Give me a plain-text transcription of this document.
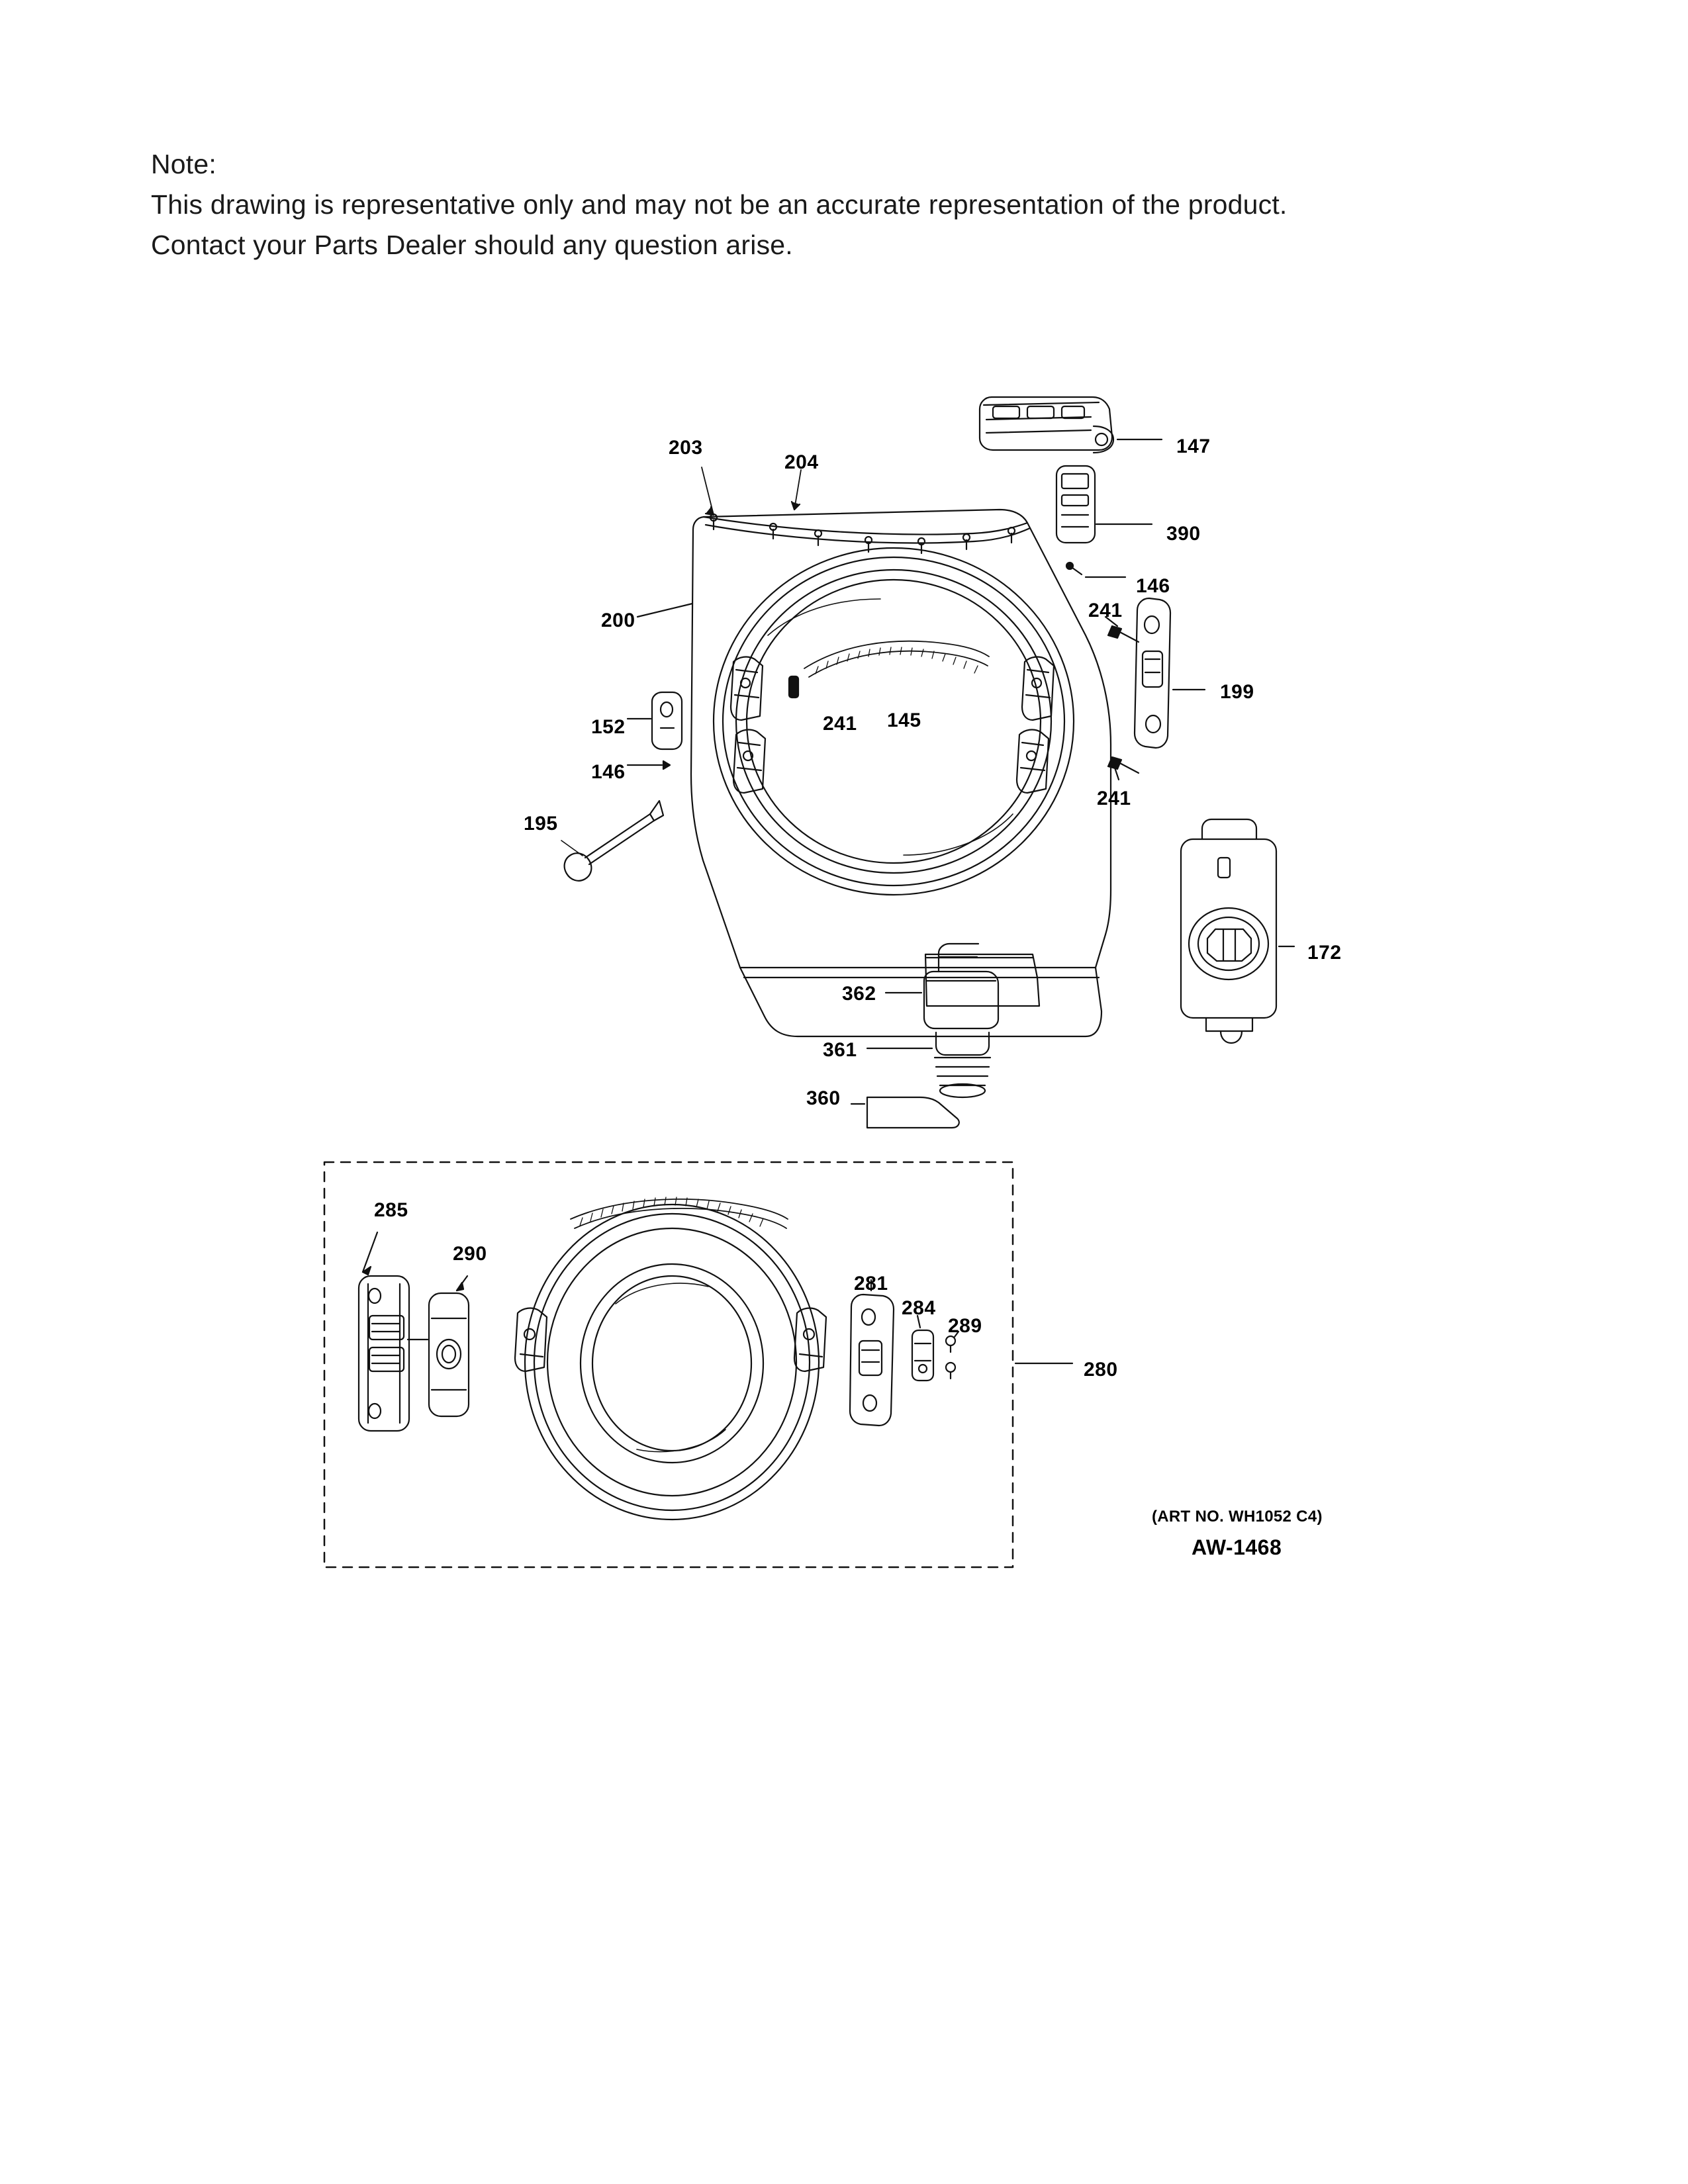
Note:
This drawing is representative only and may not be an accurate representation of the product.
Contact your Parts Dealer should any question arise.
203
204
147
390
146
241
199
200
241 145
152
146
241
195
172
362
361
360
285
290
281
284
289
280
(ART NO. WH1052 C4)
AW-1468
